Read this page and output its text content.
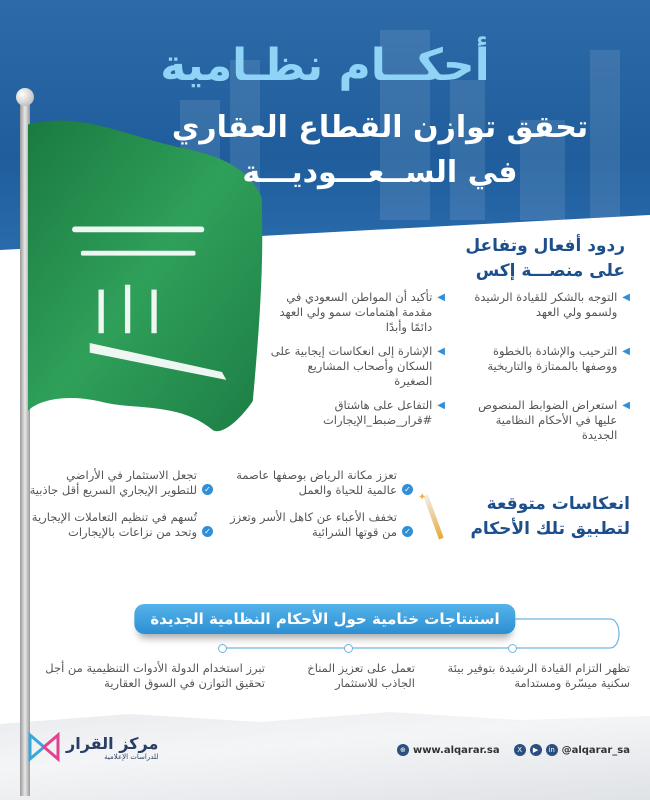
أحكــام نظـامية
تحقق توازن القطاع العقاري
في الســعـــوديـــة
ردود أفعال وتفاعل
على منصـــة إكس
◀
التوجه بالشكر للقيادة الرشيدة ولسمو ولي العهد
◀
تأكيد أن المواطن السعودي في مقدمة اهتمامات سمو ولي العهد دائمًا وأبدًا
◀
الترحيب والإشادة بالخطوة ووصفها بالممتازة والتاريخية
◀
الإشارة إلى انعكاسات إيجابية على السكان وأصحاب المشاريع الصغيرة
◀
استعراض الضوابط المنصوص عليها في الأحكام النظامية الجديدة
◀
التفاعل على هاشتاق #قرار_ضبط_الإيجارات
انعكاسات متوقعة
لتطبيق تلك الأحكام
✦
✓
تعزز مكانة الرياض بوصفها عاصمة عالمية للحياة والعمل
✓
تجعل الاستثمار في الأراضي للتطوير الإيجاري السريع أقل جاذبية
✓
تخفف الأعباء عن كاهل الأسر وتعزز من قوتها الشرائية
✓
تُسهم في تنظيم التعاملات الإيجارية وتحد من نزاعات بالإيجارات
استنتاجات ختامية حول الأحكام النظامية الجديدة
تظهر التزام القيادة الرشيدة بتوفير بيئة سكنية ميسّرة ومستدامة
تعمل على تعزيز المناخ الجاذب للاستثمار
تبرز استخدام الدولة الأدوات التنظيمية من أجل تحقيق التوازن في السوق العقارية
مركز القرار
للدراسات الإعلامية
⊕ www.alqarar.sa	X	▶	in @alqarar_sa
